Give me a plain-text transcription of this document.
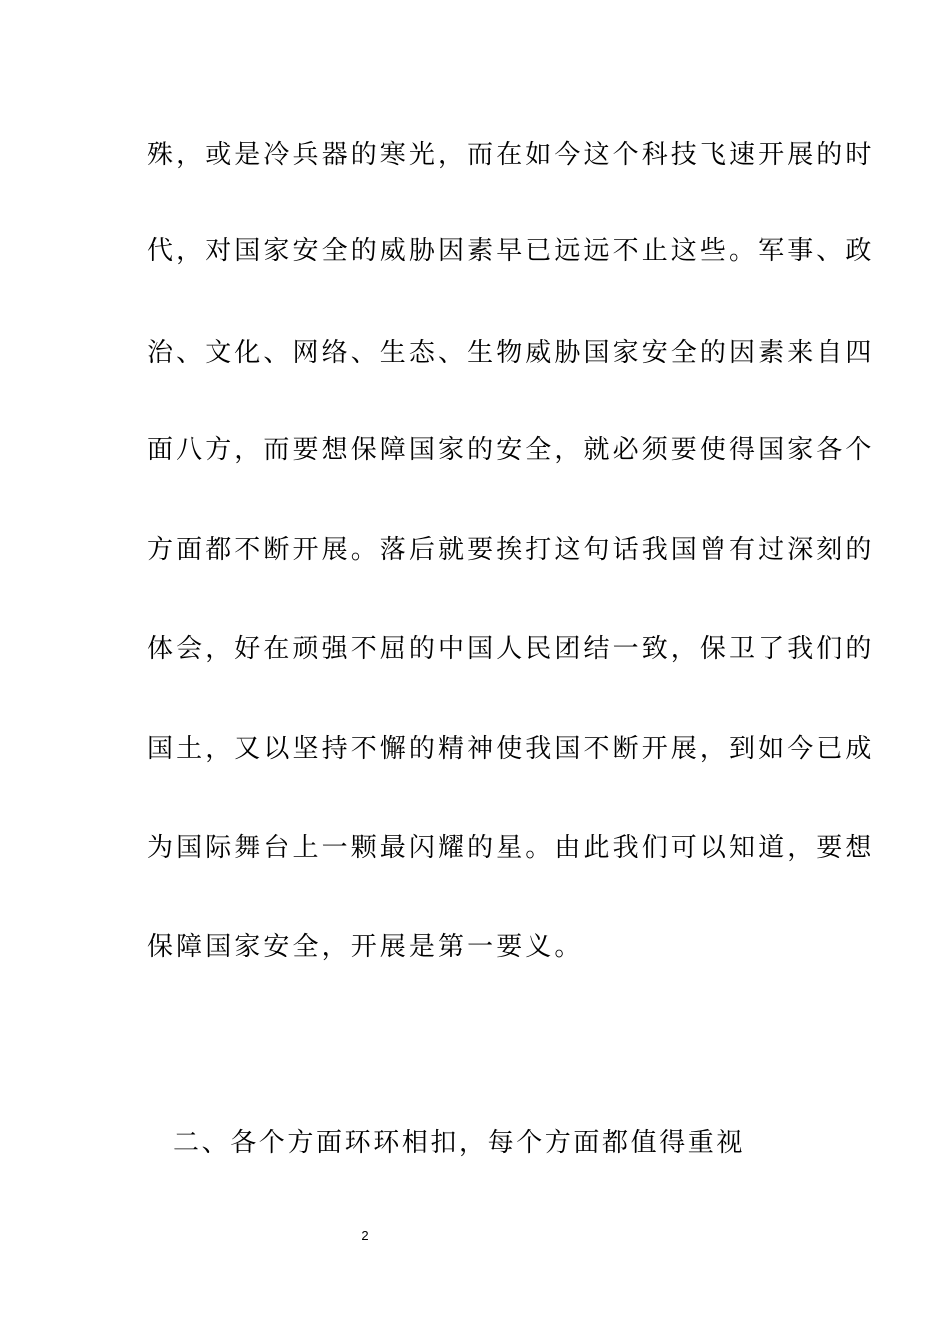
殊，或是冷兵器的寒光，而在如今这个科技飞速开展的时
代，对国家安全的威胁因素早已远远不止这些。军事、政
治、文化、网络、生态、生物威胁国家安全的因素来自四
面八方，而要想保障国家的安全，就必须要使得国家各个
方面都不断开展。落后就要挨打这句话我国曾有过深刻的
体会，好在顽强不屈的中国人民团结一致，保卫了我们的
国土，又以坚持不懈的精神使我国不断开展，到如今已成
为国际舞台上一颗最闪耀的星。由此我们可以知道，要想
保障国家安全，开展是第一要义。
二、各个方面环环相扣，每个方面都值得重视
2
